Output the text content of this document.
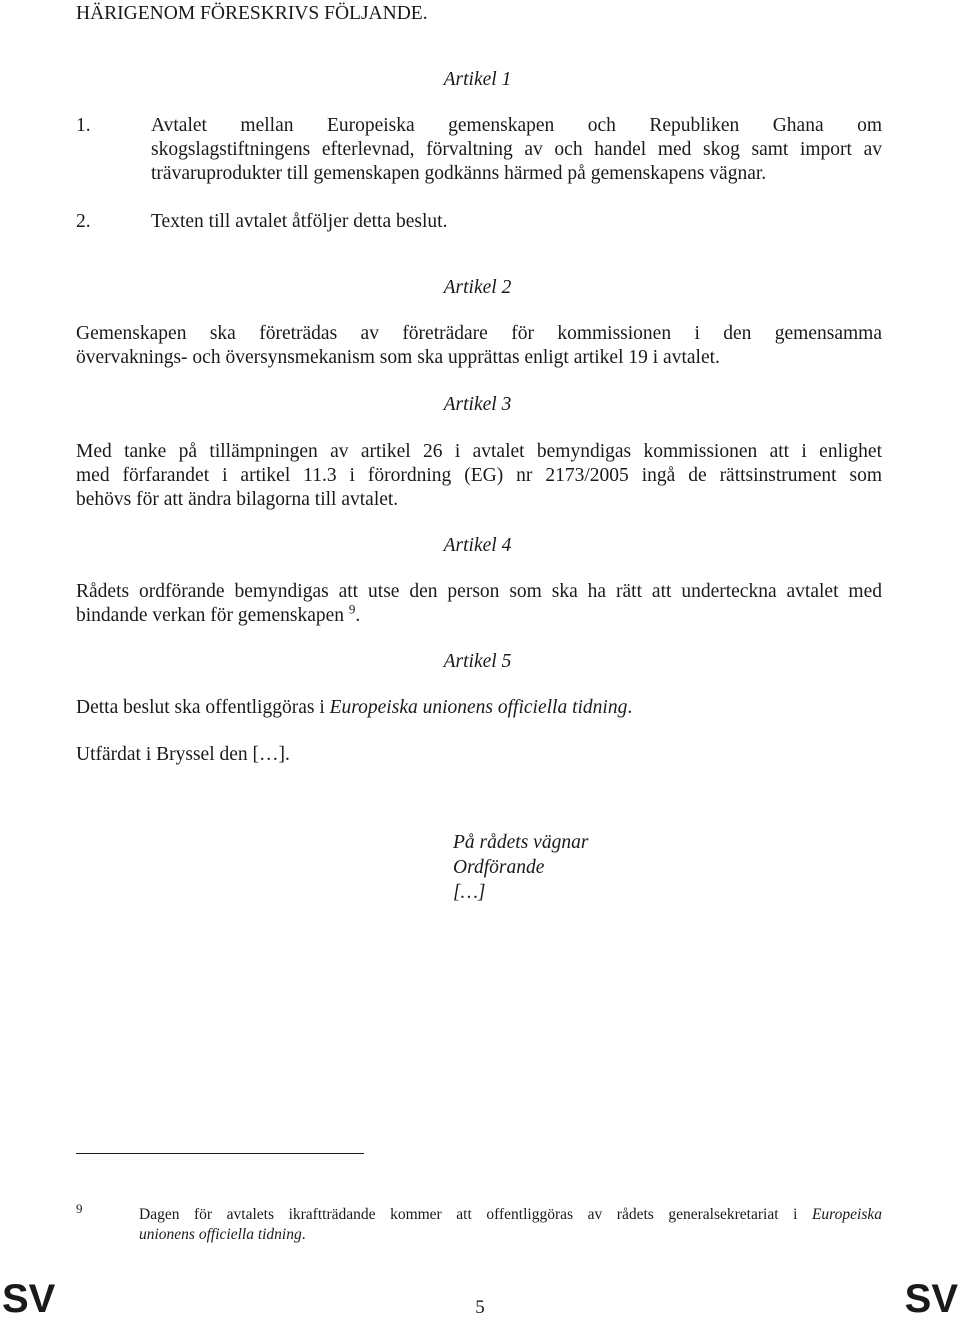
HÄRIGENOM FÖRESKRIVS FÖLJANDE.
Artikel 1
1.	Avtalet mellan Europeiska gemenskapen och Republiken Ghana om
skogslagstiftningens efterlevnad, förvaltning av och handel med skog samt import av
trävaruprodukter till gemenskapen godkänns härmed på gemenskapens vägnar.
2.	Texten till avtalet åtföljer detta beslut.
Artikel 2
Gemenskapen ska företrädas av företrädare för kommissionen i den gemensamma
övervaknings- och översynsmekanism som ska upprättas enligt artikel 19 i avtalet.
Artikel 3
Med tanke på tillämpningen av artikel 26 i avtalet bemyndigas kommissionen att i enlighet
med förfarandet i artikel 11.3 i förordning (EG) nr 2173/2005 ingå de rättsinstrument som
behövs för att ändra bilagorna till avtalet.
Artikel 4
Rådets ordförande bemyndigas att utse den person som ska ha rätt att underteckna avtalet med
bindande verkan för gemenskapen $^9$.
Artikel 5
Detta beslut ska offentliggöras i Europeiska unionens officiella tidning.
Utfärdat i Bryssel den […].
På rådets vägnar
Ordförande
[…]
9	Dagen för avtalets ikraftträdande kommer att offentliggöras av rådets generalsekretariat i Europeiska
unionens officiella tidning.
SV	5	SV
